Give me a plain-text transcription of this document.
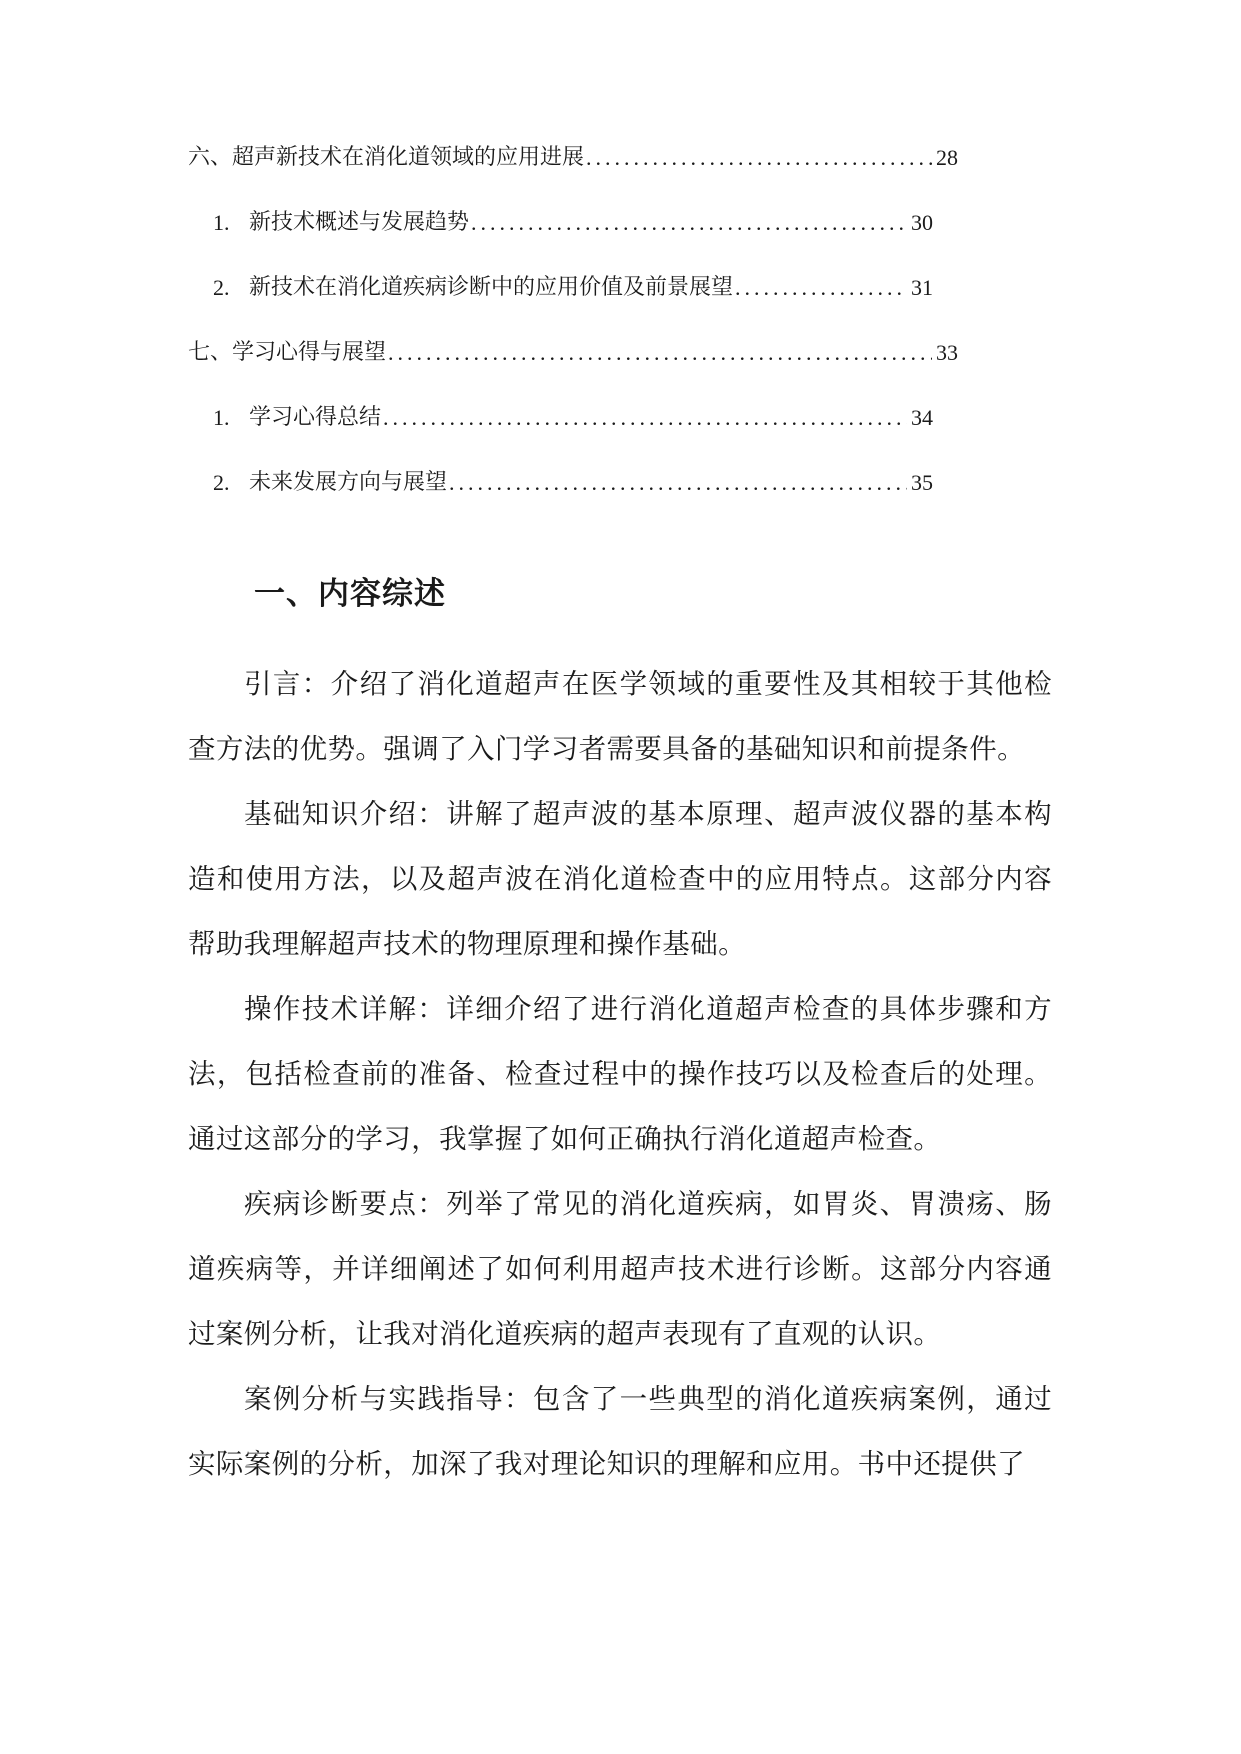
六、超声新技术在消化道领域的应用进展 .....	28
1. 新技术概述与发展趋势 .....	30
2. 新技术在消化道疾病诊断中的应用价值及前景展望 .....	31
七、学习心得与展望 .....	33
1. 学习心得总结 .....	34
2. 未来发展方向与展望 .....	35
一、内容综述

引言：介绍了消化道超声在医学领域的重要性及其相较于其他检查方法的优势。强调了入门学习者需要具备的基础知识和前提条件。

基础知识介绍：讲解了超声波的基本原理、超声波仪器的基本构造和使用方法，以及超声波在消化道检查中的应用特点。这部分内容帮助我理解超声技术的物理原理和操作基础。

操作技术详解：详细介绍了进行消化道超声检查的具体步骤和方法，包括检查前的准备、检查过程中的操作技巧以及检查后的处理。通过这部分的学习，我掌握了如何正确执行消化道超声检查。

疾病诊断要点：列举了常见的消化道疾病，如胃炎、胃溃疡、肠道疾病等，并详细阐述了如何利用超声技术进行诊断。这部分内容通过案例分析，让我对消化道疾病的超声表现有了直观的认识。

案例分析与实践指导：包含了一些典型的消化道疾病案例，通过实际案例的分析，加深了我对理论知识的理解和应用。书中还提供了
